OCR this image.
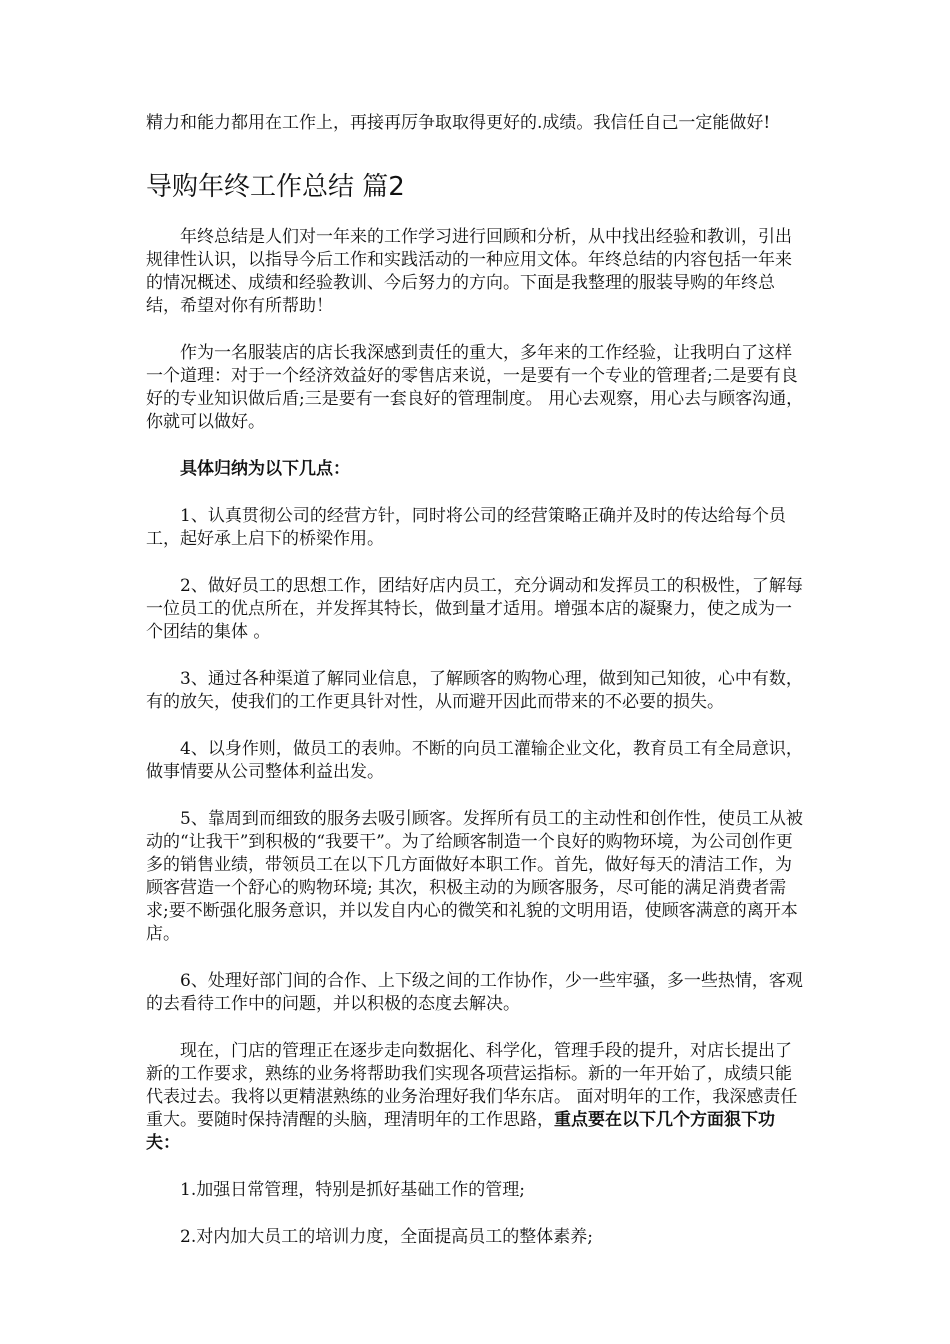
精力和能力都用在工作上，再接再厉争取取得更好的.成绩。我信任自己一定能做好!

导购年终工作总结 篇2

年终总结是人们对一年来的工作学习进行回顾和分析，从中找出经验和教训，引出规律性认识，以指导今后工作和实践活动的一种应用文体。年终总结的内容包括一年来的情况概述、成绩和经验教训、今后努力的方向。下面是我整理的服装导购的年终总结，希望对你有所帮助！

作为一名服装店的店长我深感到责任的重大，多年来的工作经验，让我明白了这样一个道理：对于一个经济效益好的零售店来说，一是要有一个专业的管理者;二是要有良好的专业知识做后盾;三是要有一套良好的管理制度。 用心去观察，用心去与顾客沟通，你就可以做好。

具体归纳为以下几点：

1、认真贯彻公司的经营方针，同时将公司的经营策略正确并及时的传达给每个员工，起好承上启下的桥梁作用。

2、做好员工的思想工作，团结好店内员工，充分调动和发挥员工的积极性，了解每一位员工的优点所在，并发挥其特长，做到量才适用。增强本店的凝聚力，使之成为一个团结的集体 。

3、通过各种渠道了解同业信息，了解顾客的购物心理，做到知己知彼，心中有数，有的放矢，使我们的工作更具针对性，从而避开因此而带来的不必要的损失。

4、以身作则，做员工的表帅。不断的向员工灌输企业文化，教育员工有全局意识，做事情要从公司整体利益出发。

5、靠周到而细致的服务去吸引顾客。发挥所有员工的主动性和创作性，使员工从被动的“让我干”到积极的“我要干”。为了给顾客制造一个良好的购物环境，为公司创作更多的销售业绩，带领员工在以下几方面做好本职工作。首先，做好每天的清洁工作，为顾客营造一个舒心的购物环境; 其次，积极主动的为顾客服务，尽可能的满足消费者需求;要不断强化服务意识，并以发自内心的微笑和礼貌的文明用语，使顾客满意的离开本店。

6、处理好部门间的合作、上下级之间的工作协作，少一些牢骚，多一些热情，客观的去看待工作中的问题，并以积极的态度去解决。

现在，门店的管理正在逐步走向数据化、科学化，管理手段的提升，对店长提出了新的工作要求，熟练的业务将帮助我们实现各项营运指标。新的一年开始了，成绩只能代表过去。我将以更精湛熟练的业务治理好我们华东店。 面对明年的工作，我深感责任重大。要随时保持清醒的头脑，理清明年的工作思路，重点要在以下几个方面狠下功夫：

1.加强日常管理，特别是抓好基础工作的管理;

2.对内加大员工的培训力度，全面提高员工的整体素养;
